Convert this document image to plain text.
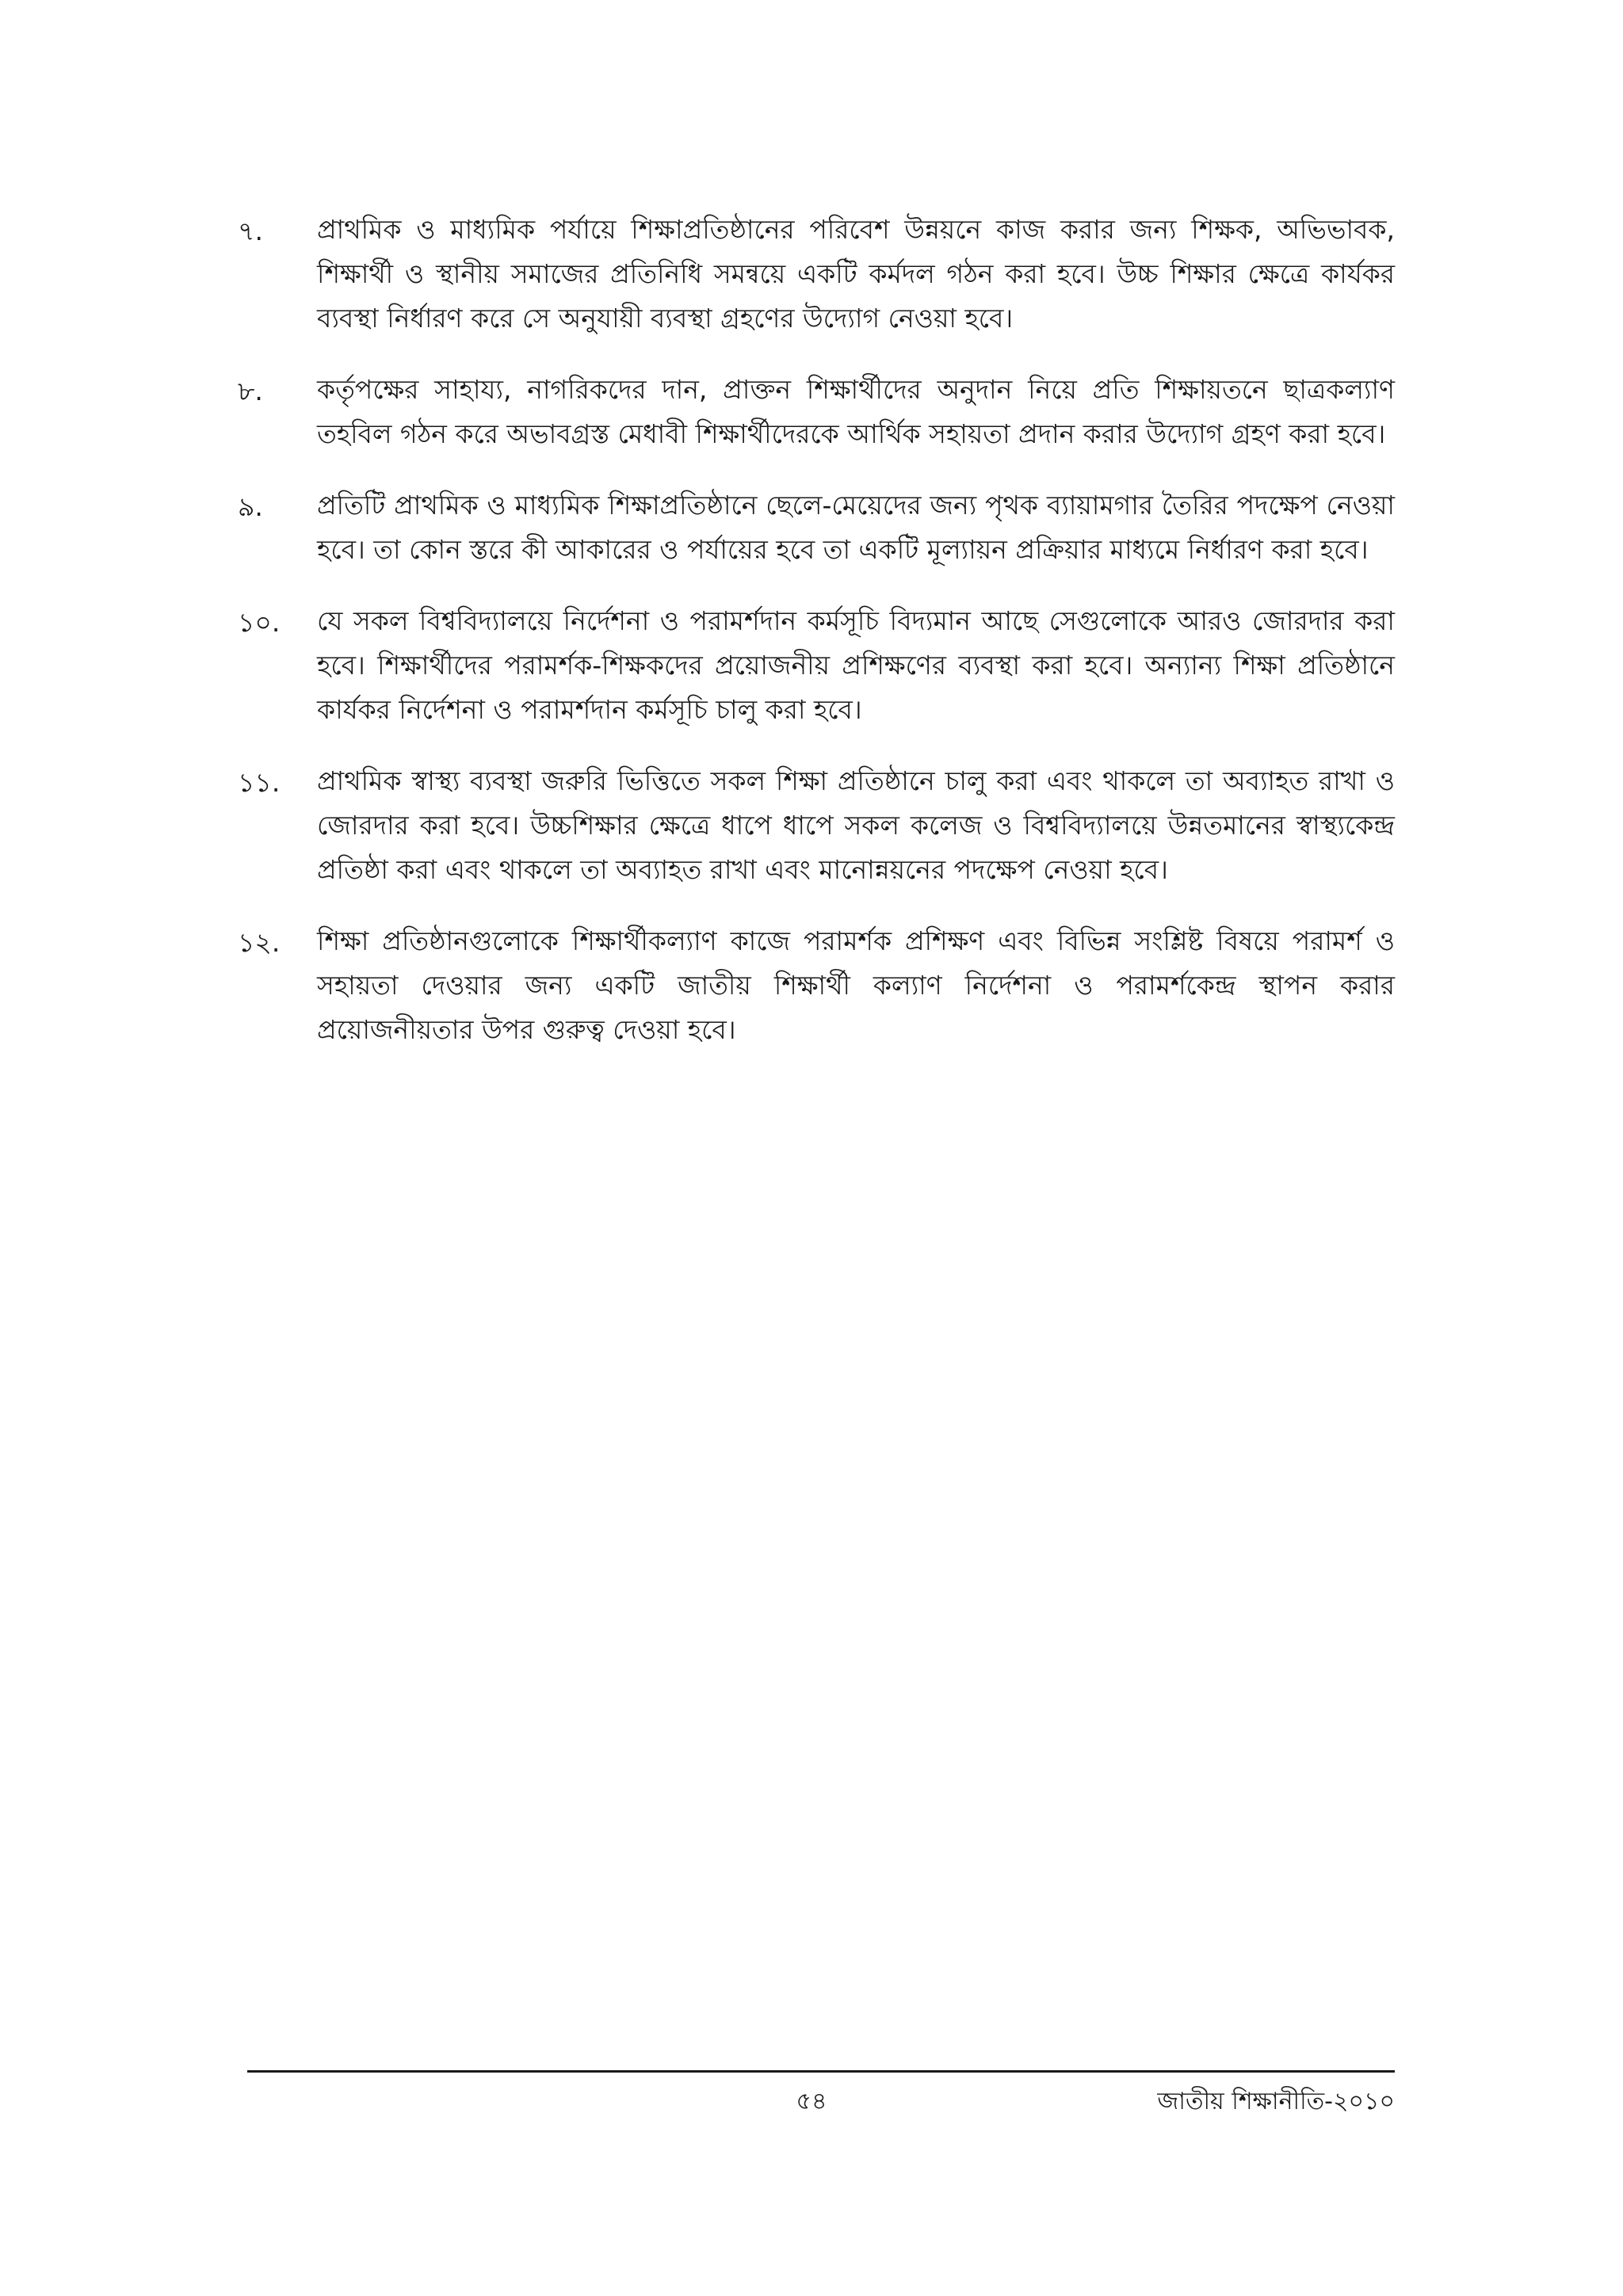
৭.	প্রাথমিক ও মাধ্যমিক পর্যায়ে শিক্ষাপ্রতিষ্ঠানের পরিবেশ উন্নয়নে কাজ করার জন্য শিক্ষক, অভিভাবক, শিক্ষার্থী ও স্থানীয় সমাজের প্রতিনিধি সমন্বয়ে একটি কর্মদল গঠন করা হবে। উচ্চ শিক্ষার ক্ষেত্রে কার্যকর ব্যবস্থা নির্ধারণ করে সে অনুযায়ী ব্যবস্থা গ্রহণের উদ্যোগ নেওয়া হবে।
৮.	কর্তৃপক্ষের সাহায্য, নাগরিকদের দান, প্রাক্তন শিক্ষার্থীদের অনুদান নিয়ে প্রতি শিক্ষায়তনে ছাত্রকল্যাণ তহবিল গঠন করে অভাবগ্রস্ত মেধাবী শিক্ষার্থীদেরকে আর্থিক সহায়তা প্রদান করার উদ্যোগ গ্রহণ করা হবে।
৯.	প্রতিটি প্রাথমিক ও মাধ্যমিক শিক্ষাপ্রতিষ্ঠানে ছেলে-মেয়েদের জন্য পৃথক ব্যায়ামগার তৈরির পদক্ষেপ নেওয়া হবে। তা কোন স্তরে কী আকারের ও পর্যায়ের হবে তা একটি মূল্যায়ন প্রক্রিয়ার মাধ্যমে নির্ধারণ করা হবে।
১০.	যে সকল বিশ্ববিদ্যালয়ে নির্দেশনা ও পরামর্শদান কর্মসূচি বিদ্যমান আছে সেগুলোকে আরও জোরদার করা হবে। শিক্ষার্থীদের পরামর্শক-শিক্ষকদের প্রয়োজনীয় প্রশিক্ষণের ব্যবস্থা করা হবে। অন্যান্য শিক্ষা প্রতিষ্ঠানে কার্যকর নির্দেশনা ও পরামর্শদান কর্মসূচি চালু করা হবে।
১১.	প্রাথমিক স্বাস্থ্য ব্যবস্থা জরুরি ভিত্তিতে সকল শিক্ষা প্রতিষ্ঠানে চালু করা এবং থাকলে তা অব্যাহত রাখা ও জোরদার করা হবে। উচ্চশিক্ষার ক্ষেত্রে ধাপে ধাপে সকল কলেজ ও বিশ্ববিদ্যালয়ে উন্নতমানের স্বাস্থ্যকেন্দ্র প্রতিষ্ঠা করা এবং থাকলে তা অব্যাহত রাখা এবং মানোন্নয়নের পদক্ষেপ নেওয়া হবে।
১২.	শিক্ষা প্রতিষ্ঠানগুলোকে শিক্ষার্থীকল্যাণ কাজে পরামর্শক প্রশিক্ষণ এবং বিভিন্ন সংশ্লিষ্ট বিষয়ে পরামর্শ ও সহায়তা দেওয়ার জন্য একটি জাতীয় শিক্ষার্থী কল্যাণ নির্দেশনা ও পরামর্শকেন্দ্র স্থাপন করার প্রয়োজনীয়তার উপর গুরুত্ব দেওয়া হবে।
৫৪	জাতীয় শিক্ষানীতি-২০১০
